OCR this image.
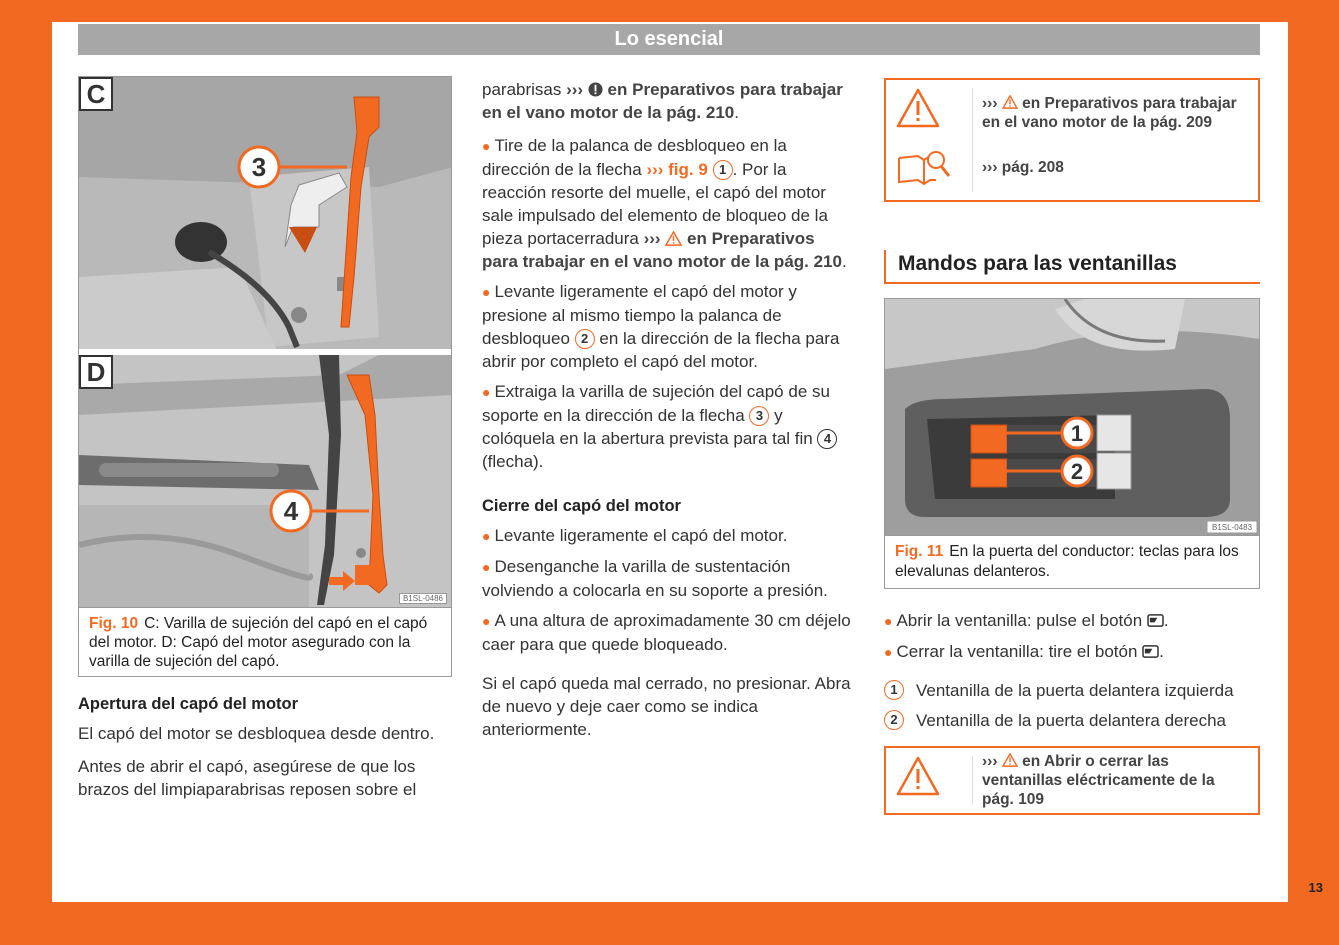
Lo esencial
3
C
4
D
B1SL-0486
Fig. 10 C: Varilla de sujeción del capó en el capó del motor. D: Capó del motor asegurado con la varilla de sujeción del capó.
Apertura del capó del motor

El capó del motor se desbloquea desde dentro.

Antes de abrir el capó, asegúrese de que los brazos del limpiaparabrisas reposen sobre el

parabrisas ›››  en Preparativos para trabajar en el vano motor de la pág. 210.

● Tire de la palanca de desbloqueo en la dirección de la flecha ››› fig. 9 1 . Por la reacción resorte del muelle, el capó del motor sale impulsado del elemento de bloqueo de la pieza portacerradura ›››  en Preparativos para trabajar en el vano motor de la pág. 210.
● Levante ligeramente el capó del motor y presione al mismo tiempo la palanca de desbloqueo 2 en la dirección de la flecha para abrir por completo el capó del motor.
● Extraiga la varilla de sujeción del capó de su soporte en la dirección de la flecha 3 y colóquela en la abertura prevista para tal fin 4 (flecha).
Cierre del capó del motor
● Levante ligeramente el capó del motor.
● Desenganche la varilla de sustentación volviendo a colocarla en su soporte a presión.
● A una altura de aproximadamente 30 cm déjelo caer para que quede bloqueado.

Si el capó queda mal cerrado, no presionar. Abra de nuevo y deje caer como se indica anteriormente.

›››  en Preparativos para trabajar en el vano motor de la pág. 209
››› pág. 208
Mandos para las ventanillas
1
2
B1SL-0483
Fig. 11 En la puerta del conductor: teclas para los elevalunas delanteros.
● Abrir la ventanilla: pulse el botón .
● Cerrar la ventanilla: tire el botón .
1	Ventanilla de la puerta delantera izquierda
2	Ventanilla de la puerta delantera derecha
›››  en Abrir o cerrar las ventanillas eléctricamente de la pág. 109
13
